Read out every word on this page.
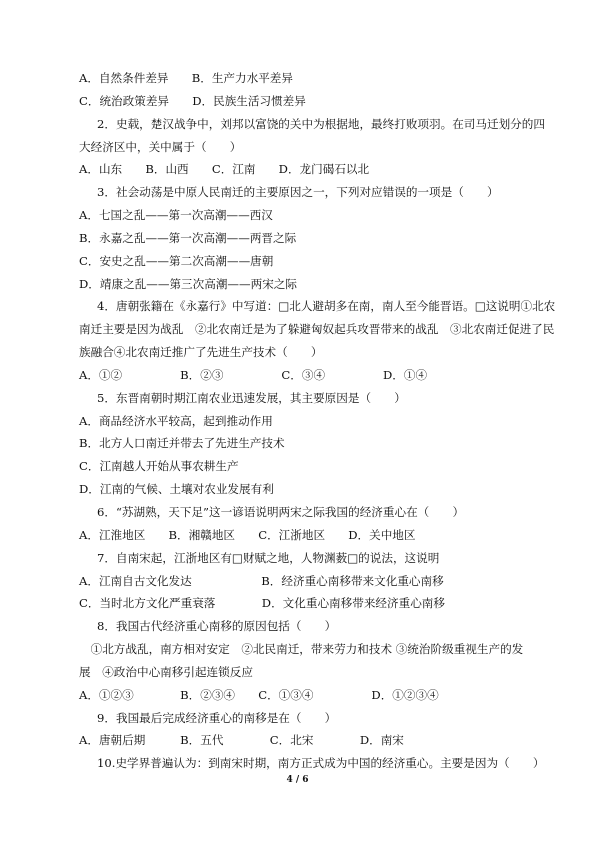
A．自然条件差异　　B．生产力水平差异
C．统治政策差异　　D．民族生活习惯差异
2．史载，楚汉战争中，刘邦以富饶的关中为根据地，最终打败项羽。在司马迁划分的四
大经济区中，关中属于（　　）
A．山东　　B．山西　　C．江南　　D．龙门碣石以北
3．社会动荡是中原人民南迁的主要原因之一，下列对应错误的一项是（　　）
A．七国之乱——第一次高潮——西汉
B．永嘉之乱——第一次高潮——两晋之际
C．安史之乱——第二次高潮——唐朝
D．靖康之乱——第三次高潮——两宋之际
4．唐朝张籍在《永嘉行》中写道：□北人避胡多在南，南人至今能晋语。□这说明①北农
南迁主要是因为战乱　②北农南迁是为了躲避匈奴起兵攻晋带来的战乱　③北农南迁促进了民
族融合④北农南迁推广了先进生产技术（　　）
A．①②　　　　　B．②③　　　　　C．③④　　　　　D．①④
5．东晋南朝时期江南农业迅速发展，其主要原因是（　　）
A．商品经济水平较高，起到推动作用
B．北方人口南迁并带去了先进生产技术
C．江南越人开始从事农耕生产
D．江南的气候、土壤对农业发展有利
6．“苏湖熟，天下足”这一谚语说明两宋之际我国的经济重心在（　　）
A．江淮地区　　B．湘赣地区　　C．江浙地区　　D．关中地区
7．自南宋起，江浙地区有□财赋之地，人物渊薮□的说法，这说明
A．江南自古文化发达　　　　　　B．经济重心南移带来文化重心南移
C．当时北方文化严重衰落　　　　D．文化重心南移带来经济重心南移
8．我国古代经济重心南移的原因包括（　　）
　①北方战乱，南方相对安定　②北民南迁，带来劳力和技术 ③统治阶级重视生产的发
展　④政治中心南移引起连锁反应
A．①②③　　　　B．②③④　　C．①③④　　　　　D．①②③④
9．我国最后完成经济重心的南移是在（　　）
A．唐朝后期　　　B．五代　　　　C．北宋　　　　D．南宋
10.史学界普遍认为：到南宋时期，南方正式成为中国的经济重心。主要是因为（　　）
4 / 6
